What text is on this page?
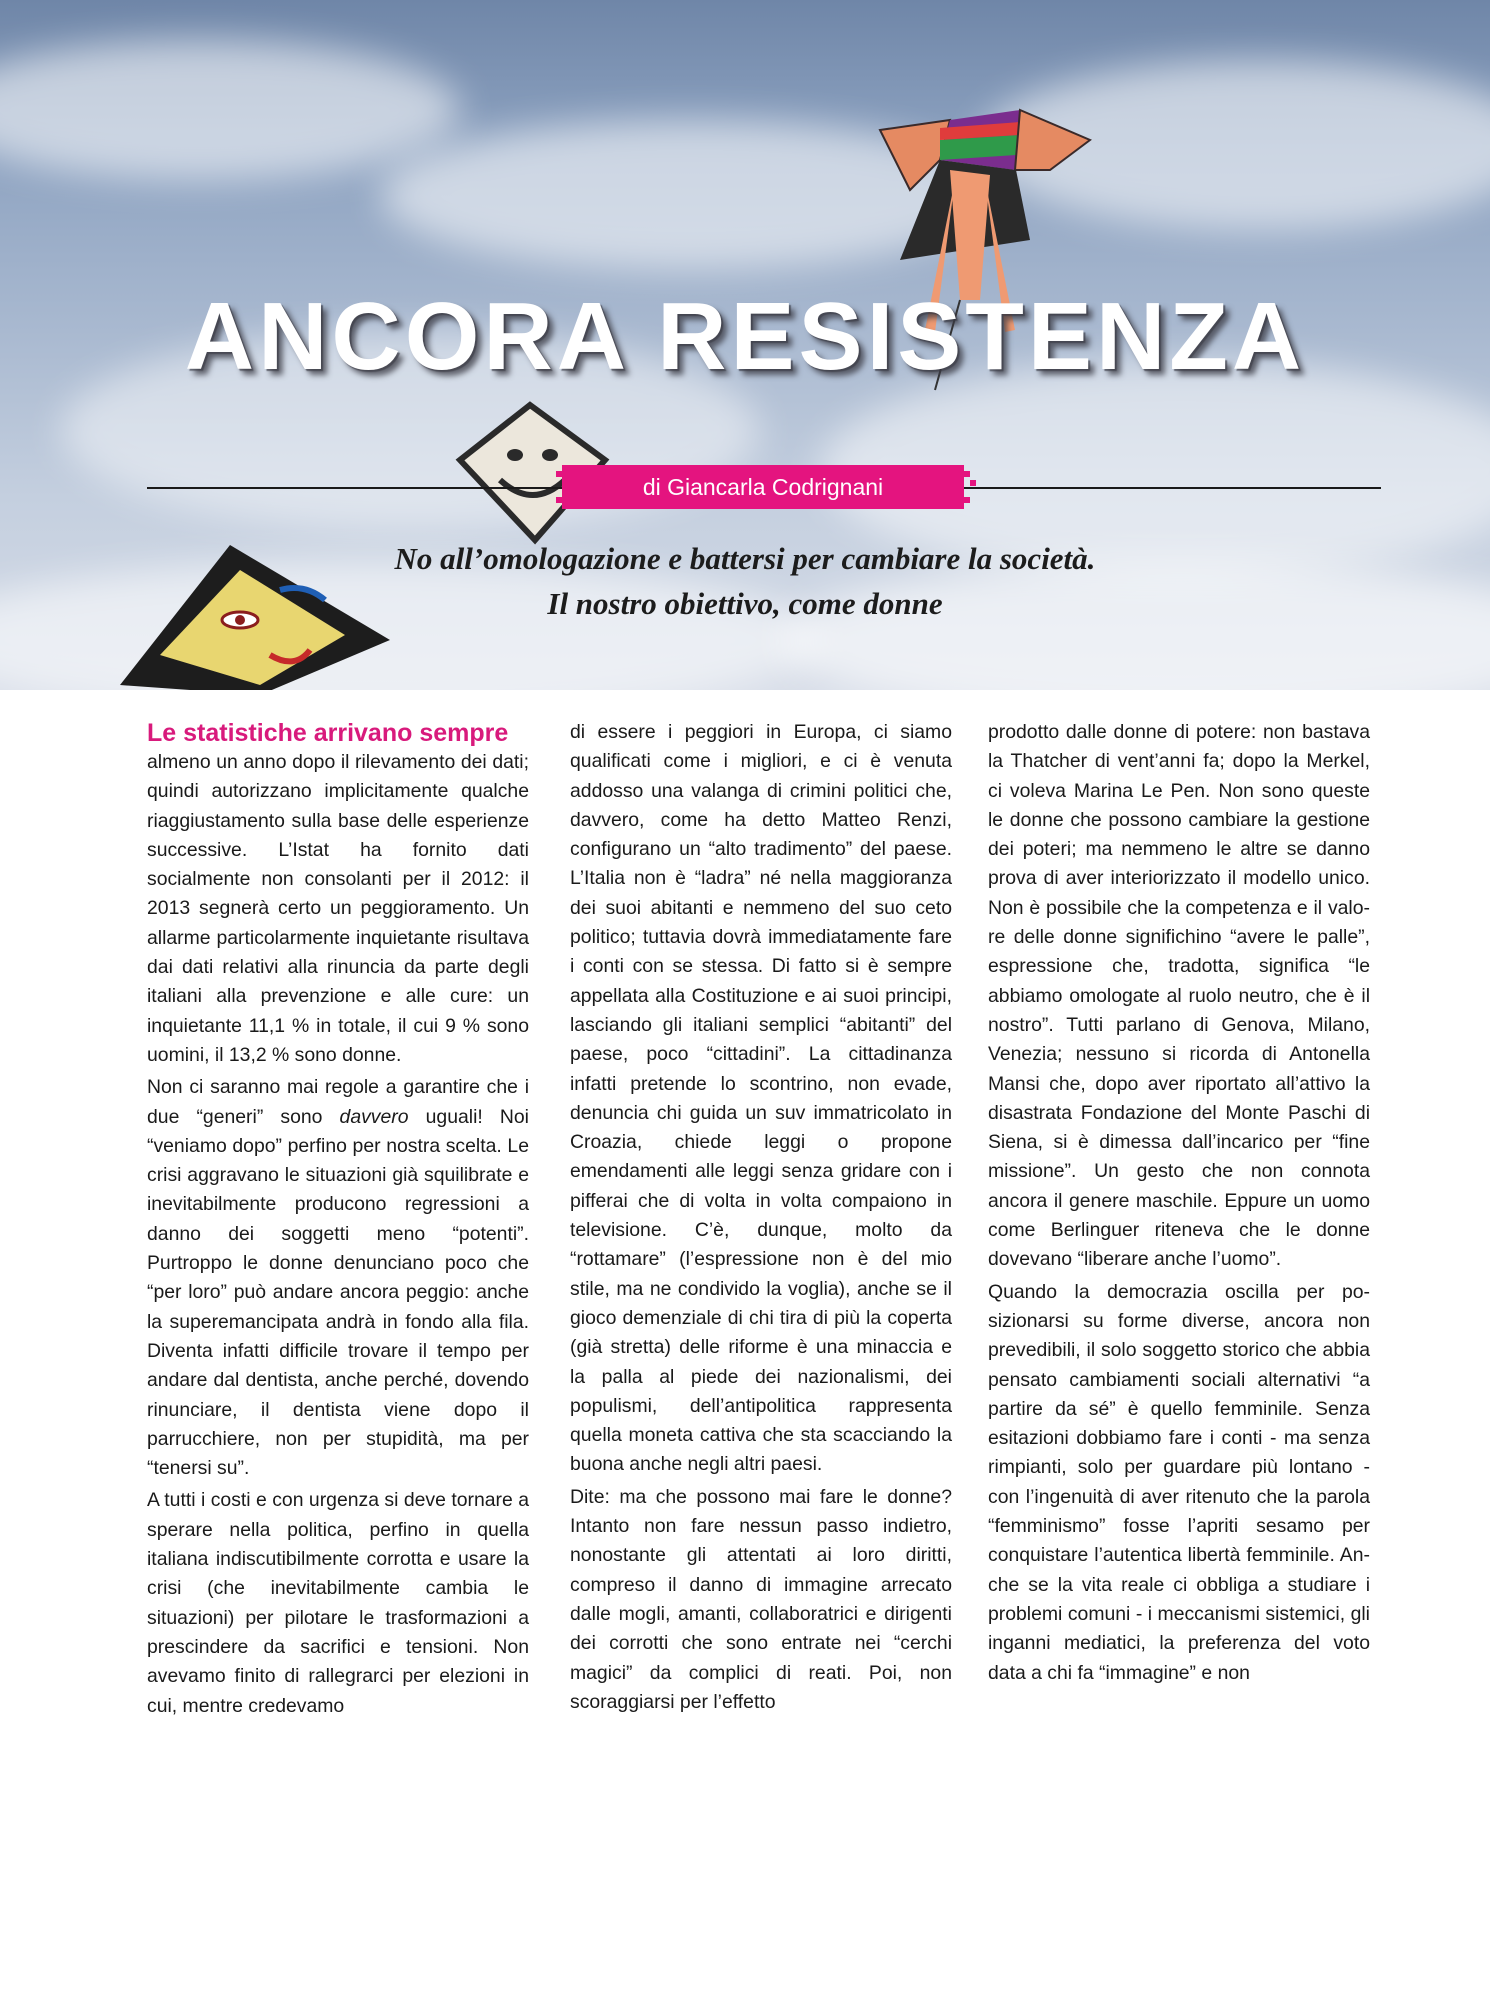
ANCORA RESISTENZA
di Giancarla Codrignani
No all’omologazione e battersi per cambiare la società.
Il nostro obiettivo, come donne
Le statistiche arrivano sempre

almeno un anno dopo il rilevamento dei dati; quindi autorizzano implicitamente qualche riaggiustamento sulla base delle esperienze successive. L’Istat ha fornito dati socialmente non consolanti per il 2012: il 2013 segnerà certo un peggioramento. Un allarme particolarmente inquietante risultava dai dati relativi alla rinuncia da parte degli italiani alla prevenzione e alle cure: un inquietante 11,1 % in totale, il cui 9 % sono uomini, il 13,2 % sono donne.

Non ci saranno mai regole a garantire che i due “generi” sono davvero uguali! Noi “veniamo dopo” perfino per nostra scelta. Le crisi aggravano le situazioni già squilibrate e inevitabilmente producono regressioni a danno dei soggetti meno “potenti”. Purtroppo le donne denunciano poco che “per loro” può andare ancora peggio: anche la superemancipata andrà in fondo alla fila. Diventa infatti difficile trovare il tempo per andare dal dentista, anche perché, dovendo rinunciare, il dentista viene dopo il parrucchiere, non per stupidità, ma per “tenersi su”.

A tutti i costi e con urgenza si deve tornare a sperare nella politica, perfino in quella italiana indiscutibilmente corrotta e usare la crisi (che inevitabilmente cambia le situazioni) per pilotare le trasformazioni a prescindere da sacrifici e tensioni. Non avevamo finito di rallegrarci per elezioni in cui, mentre credevamo

di essere i peggiori in Europa, ci siamo qualificati come i migliori, e ci è venuta addosso una valanga di crimini politici che, davvero, come ha detto Matteo Renzi, configurano un “alto tradimento” del paese. L’Italia non è “ladra” né nella maggioranza dei suoi abitanti e nemmeno del suo ceto politico; tuttavia dovrà immediatamente fare i conti con se stessa. Di fatto si è sempre appellata alla Costituzione e ai suoi principi, lasciando gli italiani semplici “abitanti” del paese, poco “cittadini”. La cittadinanza infatti pretende lo scontrino, non evade, denuncia chi guida un suv immatricolato in Croazia, chiede leggi o propone emendamenti alle leggi senza gridare con i pifferai che di volta in volta compaiono in televisione. C’è, dunque, molto da “rottamare” (l’espressione non è del mio stile, ma ne condivido la voglia), anche se il gioco demenziale di chi tira di più la coperta (già stretta) delle riforme è una minaccia e la palla al piede dei nazionalismi, dei populismi, dell’antipolitica rappresenta quella moneta cattiva che sta scacciando la buona anche negli altri paesi.

Dite: ma che possono mai fare le donne? Intanto non fare nessun passo indietro, nonostante gli attentati ai loro diritti, compreso il danno di immagine arrecato dalle mogli, amanti, collaboratrici e dirigenti dei corrotti che sono entrate nei “cerchi magici” da complici di reati. Poi, non scoraggiarsi per l’effetto

prodotto dalle donne di potere: non bastava la Thatcher di vent’anni fa; dopo la Merkel, ci voleva Marina Le Pen. Non sono queste le donne che possono cambiare la gestione dei poteri; ma nemmeno le altre se danno prova di aver interiorizzato il modello unico. Non è possibile che la competenza e il valore delle donne significhino “avere le palle”, espressione che, tradotta, significa “le abbiamo omologate al ruolo neutro, che è il nostro”. Tutti parlano di Genova, Milano, Venezia; nessuno si ricorda di Antonella Mansi che, dopo aver riportato all’attivo la disastrata Fondazione del Monte Paschi di Siena, si è dimessa dall’incarico per “fine missione”. Un gesto che non connota ancora il genere maschile. Eppure un uomo come Berlinguer riteneva che le donne dovevano “liberare anche l’uomo”.

Quando la democrazia oscilla per posizionarsi su forme diverse, ancora non prevedibili, il solo soggetto storico che abbia pensato cambiamenti sociali alternativi “a partire da sé” è quello femminile. Senza esitazioni dobbiamo fare i conti - ma senza rimpianti, solo per guardare più lontano - con l’ingenuità di aver ritenuto che la parola “femminismo” fosse l’apriti sesamo per conquistare l’autentica libertà femminile. Anche se la vita reale ci obbliga a studiare i problemi comuni - i meccanismi sistemici, gli inganni mediatici, la preferenza del voto data a chi fa “immagine” e non
